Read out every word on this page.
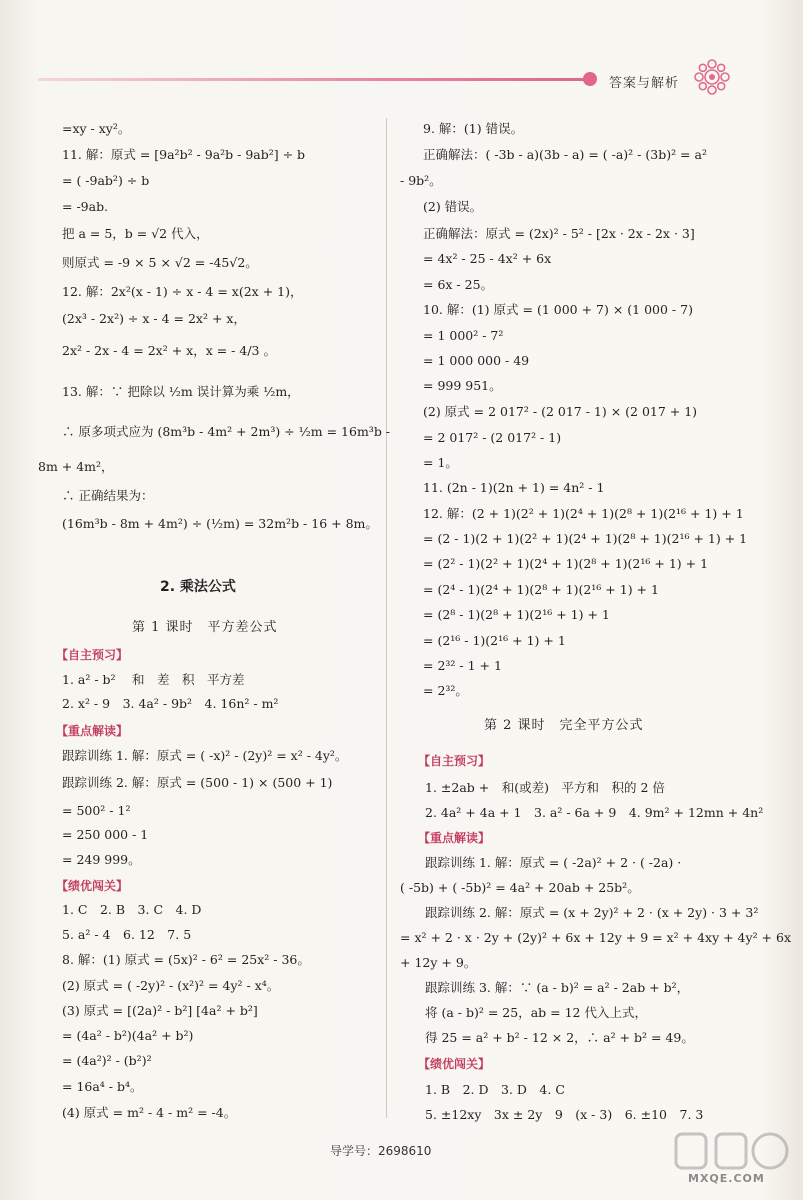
答案与解析
=xy - xy²。
11. 解：原式 = [9a²b² - 9a²b - 9ab²] ÷ b
= ( -9ab²) ÷ b
= -9ab.
把 a = 5，b = √2 代入，
则原式 = -9 × 5 × √2 = -45√2。
12. 解：2x²(x - 1) ÷ x - 4 = x(2x + 1)，
(2x³ - 2x²) ÷ x - 4 = 2x² + x，
2x² - 2x - 4 = 2x² + x，x = - 4/3 。
13. 解：∵ 把除以 ½m 误计算为乘 ½m，
∴ 原多项式应为 (8m³b - 4m² + 2m³) ÷ ½m = 16m³b -
8m + 4m²，
∴ 正确结果为：
(16m³b - 8m + 4m²) ÷ (½m) = 32m²b - 16 + 8m。
2. 乘法公式
第 1 课时　平方差公式
【自主预习】
1. a² - b²　 和　差　积　平方差
2. x² - 9　3. 4a² - 9b²　4. 16n² - m²
【重点解读】
跟踪训练 1. 解：原式 = ( -x)² - (2y)² = x² - 4y²。
跟踪训练 2. 解：原式 = (500 - 1) × (500 + 1)
= 500² - 1²
= 250 000 - 1
= 249 999。
【绩优闯关】
1. C　2. B　3. C　4. D
5. a² - 4　6. 12　7. 5
8. 解：(1) 原式 = (5x)² - 6² = 25x² - 36。
(2) 原式 = ( -2y)² - (x²)² = 4y² - x⁴。
(3) 原式 = [(2a)² - b²] [4a² + b²]
= (4a² - b²)(4a² + b²)
= (4a²)² - (b²)²
= 16a⁴ - b⁴。
(4) 原式 = m² - 4 - m² = -4。
9. 解：(1) 错误。
正确解法：( -3b - a)(3b - a) = ( -a)² - (3b)² = a²
- 9b²。
(2) 错误。
正确解法：原式 = (2x)² - 5² - [2x · 2x - 2x · 3]
= 4x² - 25 - 4x² + 6x
= 6x - 25。
10. 解：(1) 原式 = (1 000 + 7) × (1 000 - 7)
= 1 000² - 7²
= 1 000 000 - 49
= 999 951。
(2) 原式 = 2 017² - (2 017 - 1) × (2 017 + 1)
= 2 017² - (2 017² - 1)
= 1。
11. (2n - 1)(2n + 1) = 4n² - 1
12. 解：(2 + 1)(2² + 1)(2⁴ + 1)(2⁸ + 1)(2¹⁶ + 1) + 1
= (2 - 1)(2 + 1)(2² + 1)(2⁴ + 1)(2⁸ + 1)(2¹⁶ + 1) + 1
= (2² - 1)(2² + 1)(2⁴ + 1)(2⁸ + 1)(2¹⁶ + 1) + 1
= (2⁴ - 1)(2⁴ + 1)(2⁸ + 1)(2¹⁶ + 1) + 1
= (2⁸ - 1)(2⁸ + 1)(2¹⁶ + 1) + 1
= (2¹⁶ - 1)(2¹⁶ + 1) + 1
= 2³² - 1 + 1
= 2³²。
第 2 课时　完全平方公式
【自主预习】
1. ±2ab +　和(或差)　平方和　积的 2 倍
2. 4a² + 4a + 1　3. a² - 6a + 9　4. 9m² + 12mn + 4n²
【重点解读】
跟踪训练 1. 解：原式 = ( -2a)² + 2 · ( -2a) ·
( -5b) + ( -5b)² = 4a² + 20ab + 25b²。
跟踪训练 2. 解：原式 = (x + 2y)² + 2 · (x + 2y) · 3 + 3²
= x² + 2 · x · 2y + (2y)² + 6x + 12y + 9 = x² + 4xy + 4y² + 6x
+ 12y + 9。
跟踪训练 3. 解：∵ (a - b)² = a² - 2ab + b²，
将 (a - b)² = 25，ab = 12 代入上式，
得 25 = a² + b² - 12 × 2，∴ a² + b² = 49。
【绩优闯关】
1. B　2. D　3. D　4. C
5. ±12xy　3x ± 2y　9　(x - 3)　6. ±10　7. 3
导学号：2698610
MXQE.COM
